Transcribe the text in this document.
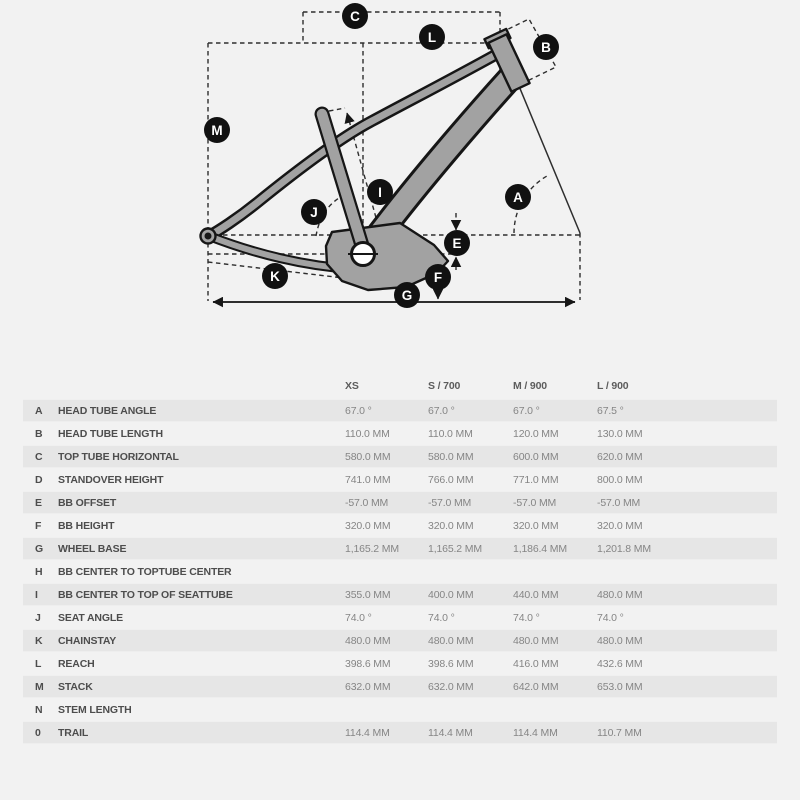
A
B
C
E
F
G
I
J
K
L
M
XS	S / 700	M / 900	L / 900
A	HEAD TUBE ANGLE	67.0 °	67.0 °	67.0 °	67.5 °
B	HEAD TUBE LENGTH	110.0 MM	110.0 MM	120.0 MM	130.0 MM
C	TOP TUBE HORIZONTAL	580.0 MM	580.0 MM	600.0 MM	620.0 MM
D	STANDOVER HEIGHT	741.0 MM	766.0 MM	771.0 MM	800.0 MM
E	BB OFFSET	-57.0 MM	-57.0 MM	-57.0 MM	-57.0 MM
F	BB HEIGHT	320.0 MM	320.0 MM	320.0 MM	320.0 MM
G	WHEEL BASE	1,165.2 MM	1,165.2 MM	1,186.4 MM	1,201.8 MM
H	BB CENTER TO TOPTUBE CENTER
I	BB CENTER TO TOP OF SEATTUBE	355.0 MM	400.0 MM	440.0 MM	480.0 MM
J	SEAT ANGLE	74.0 °	74.0 °	74.0 °	74.0 °
K	CHAINSTAY	480.0 MM	480.0 MM	480.0 MM	480.0 MM
L	REACH	398.6 MM	398.6 MM	416.0 MM	432.6 MM
M	STACK	632.0 MM	632.0 MM	642.0 MM	653.0 MM
N	STEM LENGTH
0	TRAIL	114.4 MM	114.4 MM	114.4 MM	110.7 MM
